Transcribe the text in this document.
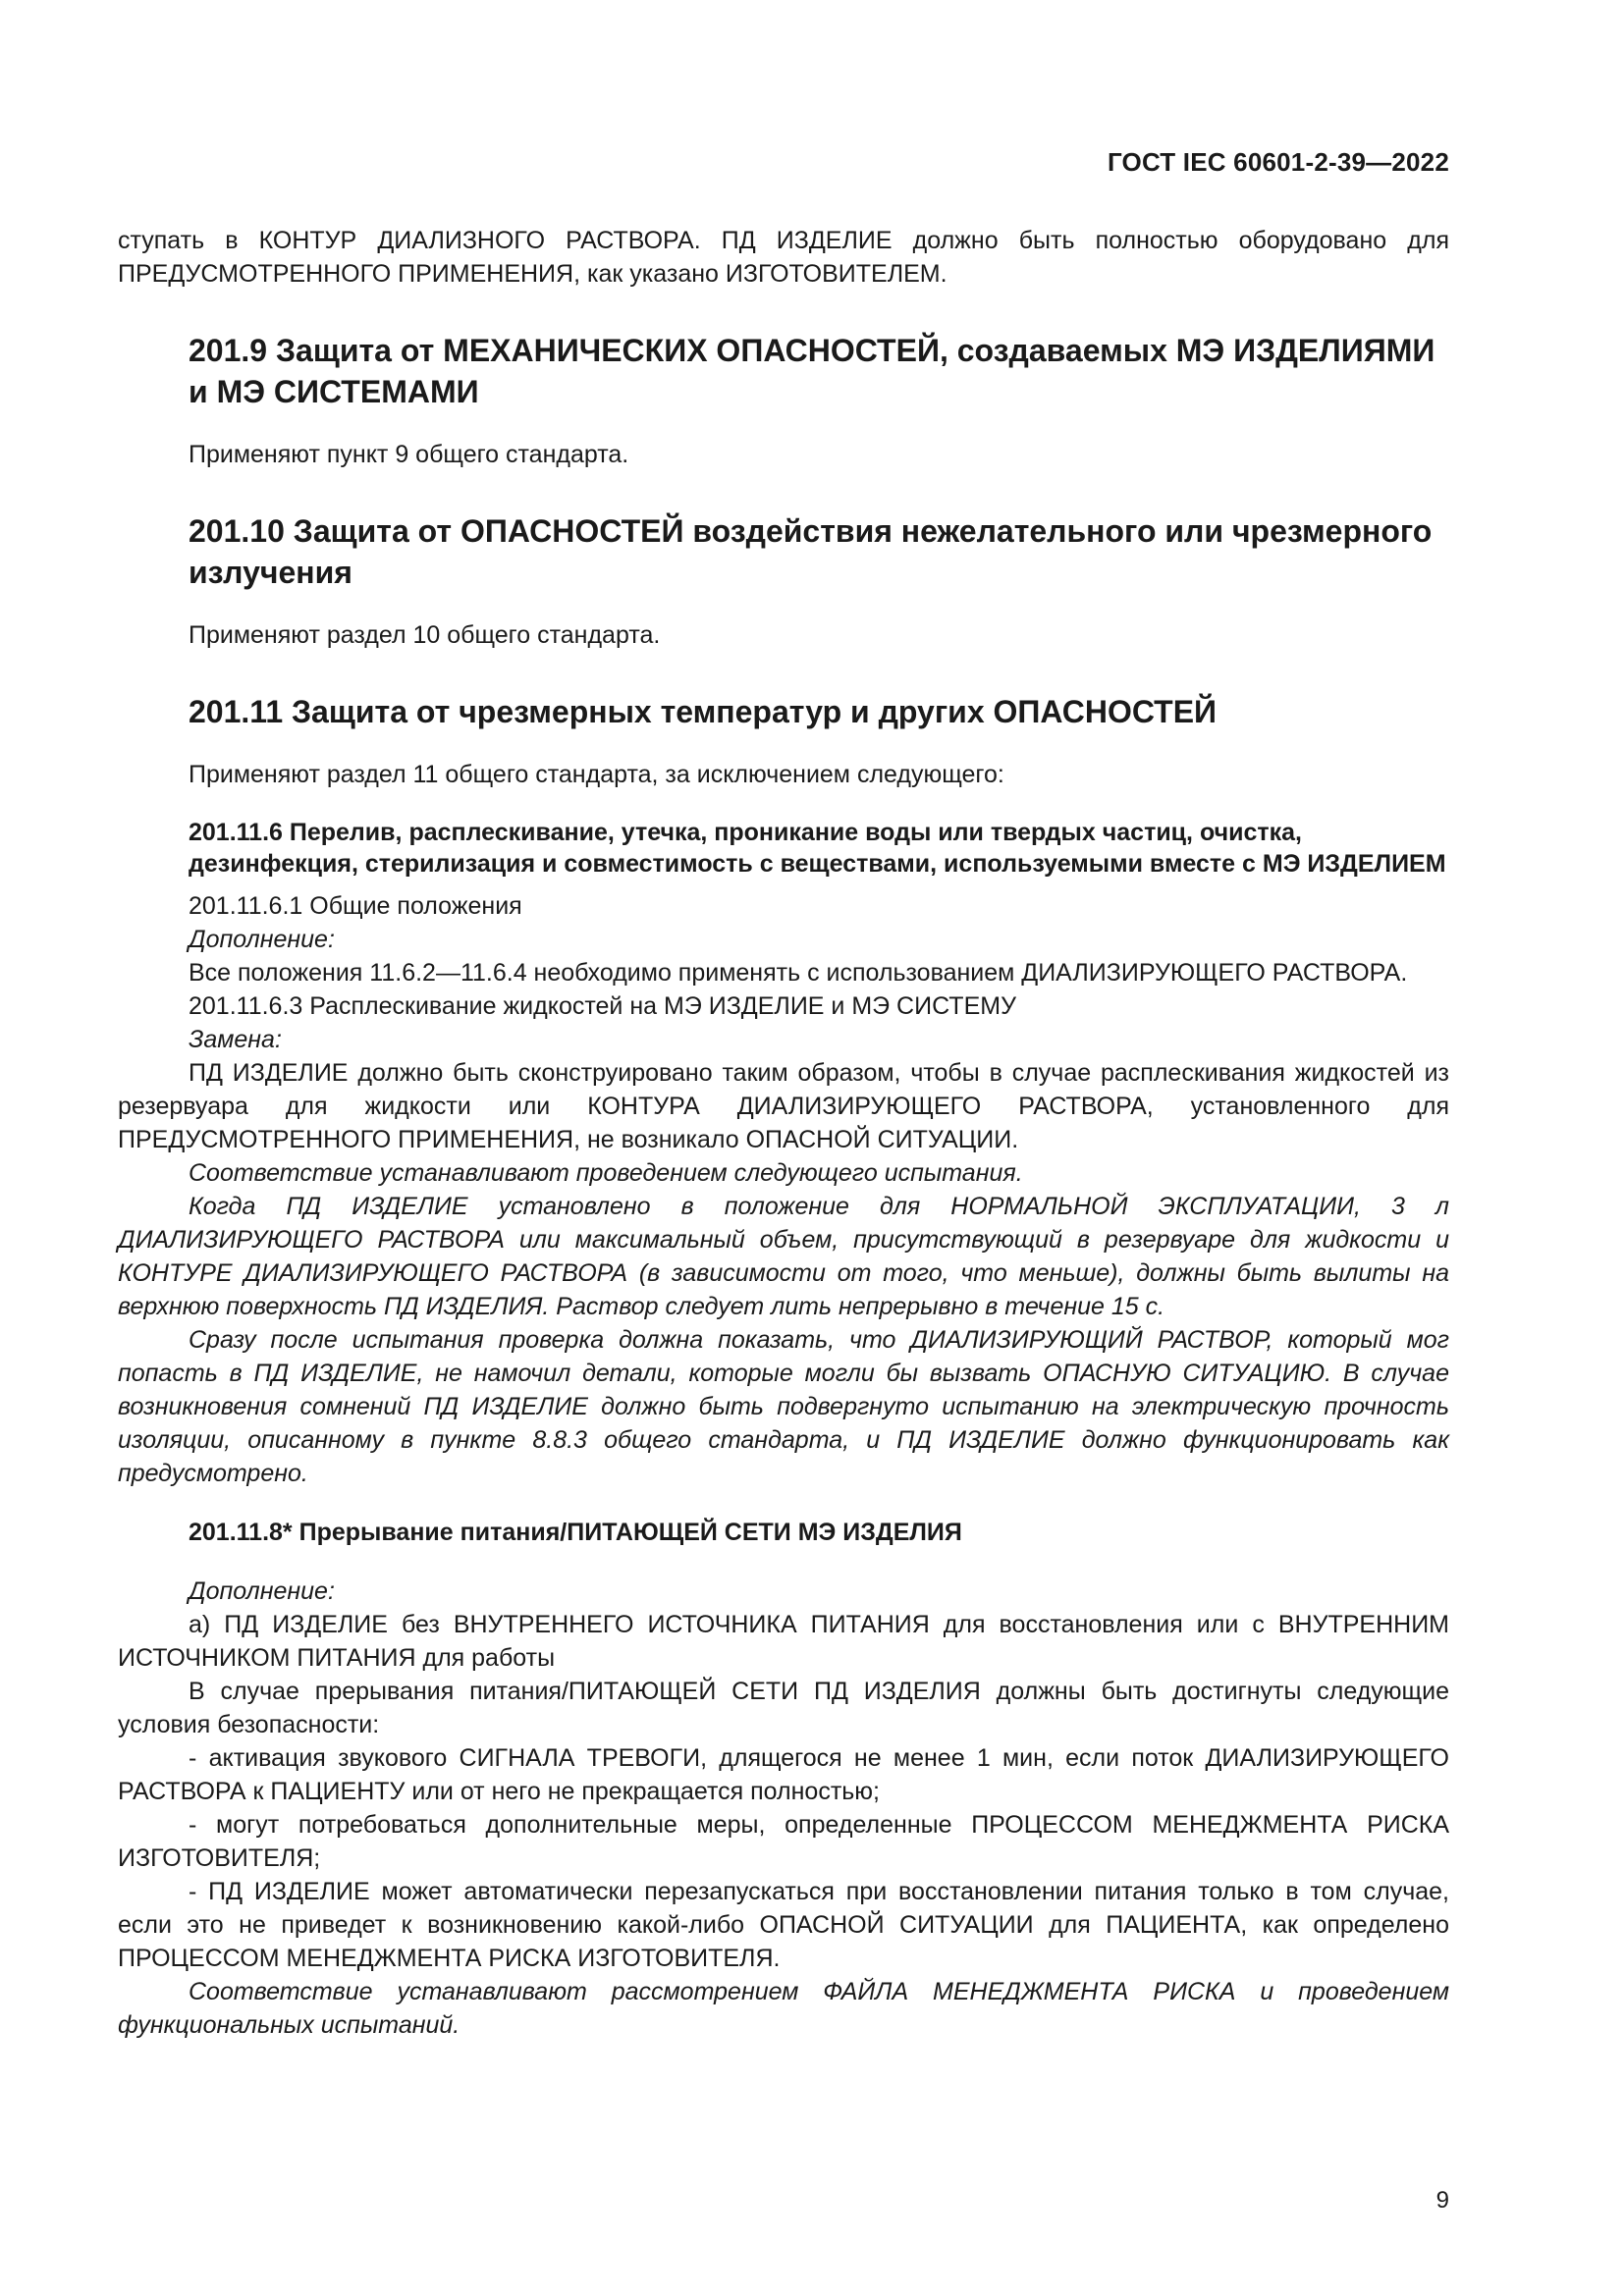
ГОСТ IEC 60601-2-39—2022

ступать в КОНТУР ДИАЛИЗНОГО РАСТВОРА. ПД ИЗДЕЛИЕ должно быть полностью оборудовано для ПРЕДУСМОТРЕННОГО ПРИМЕНЕНИЯ, как указано ИЗГОТОВИТЕЛЕМ.

201.9 Защита от МЕХАНИЧЕСКИХ ОПАСНОСТЕЙ, создаваемых МЭ ИЗДЕЛИЯМИ и МЭ СИСТЕМАМИ

Применяют пункт 9 общего стандарта.

201.10 Защита от ОПАСНОСТЕЙ воздействия нежелательного или чрезмерного излучения

Применяют раздел 10 общего стандарта.

201.11 Защита от чрезмерных температур и других ОПАСНОСТЕЙ

Применяют раздел 11 общего стандарта, за исключением следующего:

201.11.6 Перелив, расплескивание, утечка, проникание воды или твердых частиц, очистка, дезинфекция, стерилизация и совместимость с веществами, используемыми вместе с МЭ ИЗДЕЛИЕМ

201.11.6.1 Общие положения

Дополнение:

Все положения 11.6.2—11.6.4 необходимо применять с использованием ДИАЛИЗИРУЮЩЕГО РАСТВОРА.

201.11.6.3 Расплескивание жидкостей на МЭ ИЗДЕЛИЕ и МЭ СИСТЕМУ

Замена:

ПД ИЗДЕЛИЕ должно быть сконструировано таким образом, чтобы в случае расплескивания жидкостей из резервуара для жидкости или КОНТУРА ДИАЛИЗИРУЮЩЕГО РАСТВОРА, установленного для ПРЕДУСМОТРЕННОГО ПРИМЕНЕНИЯ, не возникало ОПАСНОЙ СИТУАЦИИ.

Соответствие устанавливают проведением следующего испытания.

Когда ПД ИЗДЕЛИЕ установлено в положение для НОРМАЛЬНОЙ ЭКСПЛУАТАЦИИ, 3 л ДИАЛИЗИРУЮЩЕГО РАСТВОРА или максимальный объем, присутствующий в резервуаре для жидкости и КОНТУРЕ ДИАЛИЗИРУЮЩЕГО РАСТВОРА (в зависимости от того, что меньше), должны быть вылиты на верхнюю поверхность ПД ИЗДЕЛИЯ. Раствор следует лить непрерывно в течение 15 с.

Сразу после испытания проверка должна показать, что ДИАЛИЗИРУЮЩИЙ РАСТВОР, который мог попасть в ПД ИЗДЕЛИЕ, не намочил детали, которые могли бы вызвать ОПАСНУЮ СИТУАЦИЮ. В случае возникновения сомнений ПД ИЗДЕЛИЕ должно быть подвергнуто испытанию на электрическую прочность изоляции, описанному в пункте 8.8.3 общего стандарта, и ПД ИЗДЕЛИЕ должно функционировать как предусмотрено.

201.11.8* Прерывание питания/ПИТАЮЩЕЙ СЕТИ МЭ ИЗДЕЛИЯ

Дополнение:

a) ПД ИЗДЕЛИЕ без ВНУТРЕННЕГО ИСТОЧНИКА ПИТАНИЯ для восстановления или с ВНУТРЕННИМ ИСТОЧНИКОМ ПИТАНИЯ для работы

В случае прерывания питания/ПИТАЮЩЕЙ СЕТИ ПД ИЗДЕЛИЯ должны быть достигнуты следующие условия безопасности:

- активация звукового СИГНАЛА ТРЕВОГИ, длящегося не менее 1 мин, если поток ДИАЛИЗИРУЮЩЕГО РАСТВОРА к ПАЦИЕНТУ или от него не прекращается полностью;

- могут потребоваться дополнительные меры, определенные ПРОЦЕССОМ МЕНЕДЖМЕНТА РИСКА ИЗГОТОВИТЕЛЯ;

- ПД ИЗДЕЛИЕ может автоматически перезапускаться при восстановлении питания только в том случае, если это не приведет к возникновению какой-либо ОПАСНОЙ СИТУАЦИИ для ПАЦИЕНТА, как определено ПРОЦЕССОМ МЕНЕДЖМЕНТА РИСКА ИЗГОТОВИТЕЛЯ.

Соответствие устанавливают рассмотрением ФАЙЛА МЕНЕДЖМЕНТА РИСКА и проведением функциональных испытаний.

9
